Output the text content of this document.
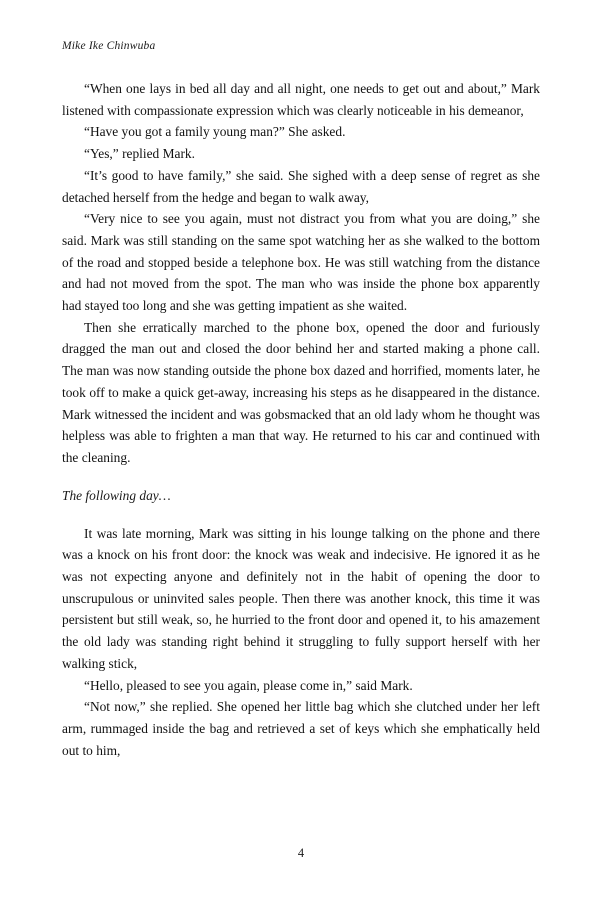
Mike Ike Chinwuba

“When one lays in bed all day and all night, one needs to get out and about,” Mark listened with compassionate expression which was clearly noticeable in his demeanor,

“Have you got a family young man?” She asked.

“Yes,” replied Mark.

“It’s good to have family,” she said. She sighed with a deep sense of regret as she detached herself from the hedge and began to walk away,

“Very nice to see you again, must not distract you from what you are doing,” she said. Mark was still standing on the same spot watching her as she walked to the bottom of the road and stopped beside a telephone box. He was still watching from the distance and had not moved from the spot. The man who was inside the phone box apparently had stayed too long and she was getting impatient as she waited.

Then she erratically marched to the phone box, opened the door and furiously dragged the man out and closed the door behind her and started making a phone call. The man was now standing outside the phone box dazed and horrified, moments later, he took off to make a quick get-away, increasing his steps as he disappeared in the distance. Mark witnessed the incident and was gobsmacked that an old lady whom he thought was helpless was able to frighten a man that way. He returned to his car and continued with the cleaning.

The following day…

It was late morning, Mark was sitting in his lounge talking on the phone and there was a knock on his front door: the knock was weak and indecisive. He ignored it as he was not expecting anyone and definitely not in the habit of opening the door to unscrupulous or uninvited sales people. Then there was another knock, this time it was persistent but still weak, so, he hurried to the front door and opened it, to his amazement the old lady was standing right behind it struggling to fully support herself with her walking stick,

“Hello, pleased to see you again, please come in,” said Mark.

“Not now,” she replied. She opened her little bag which she clutched under her left arm, rummaged inside the bag and retrieved a set of keys which she emphatically held out to him,

4
